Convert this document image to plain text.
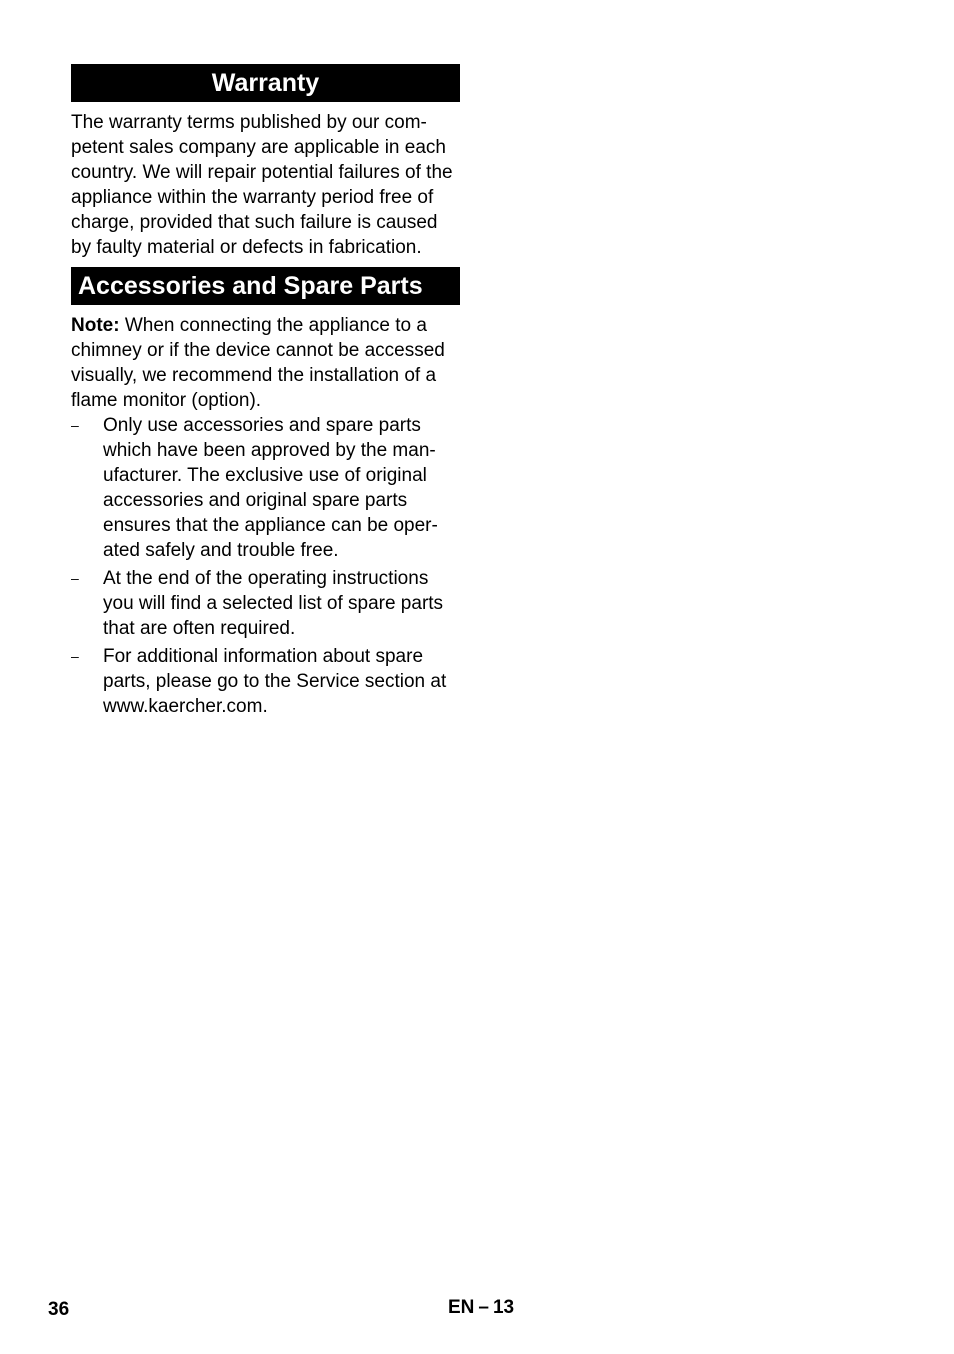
Warranty

The warranty terms published by our competent sales company are applicable in each country. We will repair potential failures of the appliance within the warranty period free of charge, provided that such failure is caused by faulty material or defects in fabrication.

Accessories and Spare Parts

Note: When connecting the appliance to a chimney or if the device cannot be accessed visually, we recommend the installation of a flame monitor (option).

– Only use accessories and spare parts which have been approved by the manufacturer. The exclusive use of original accessories and original spare parts ensures that the appliance can be operated safely and trouble free.
– At the end of the operating instructions you will find a selected list of spare parts that are often required.
– For additional information about spare parts, please go to the Service section at www.kaercher.com.
36	EN – 13
